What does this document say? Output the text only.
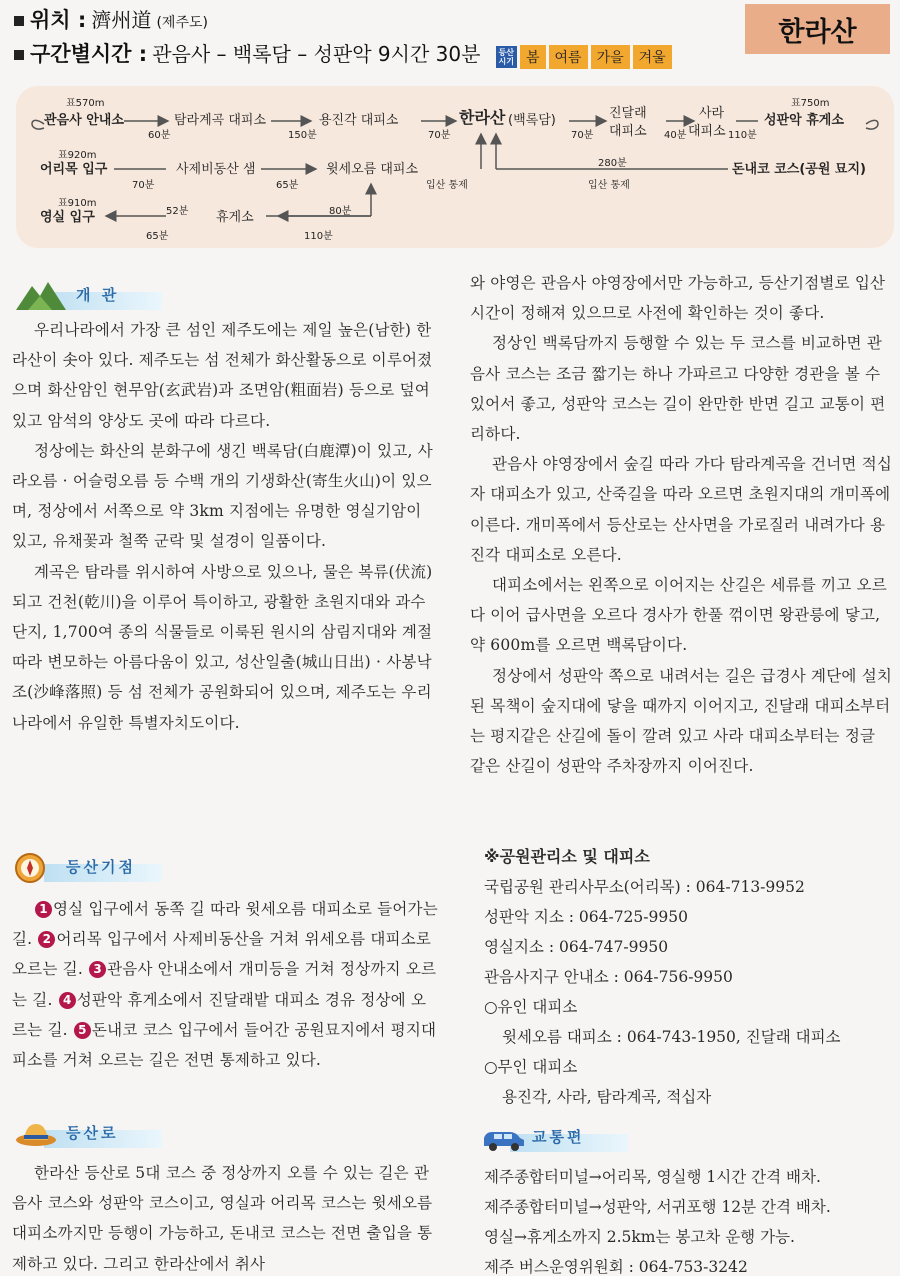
위치 : 濟州道 (제주도)
구간별시간 : 관음사 – 백록담 – 성판악 9시간 30분 등산
시기 봄 여름 가을 겨울
한라산
표570m
관음사 안내소	탐라계곡 대피소	용진각 대피소	한라산 (백록담)	진달래
대피소
사라
대피소
표750m
성판악 휴게소
표920m
어리목 입구	사제비동산 샘	윗세오름 대피소
입산 통제
돈내코 코스(공원 묘지)
입산 통제
표910m
영실 입구	휴게소
60분	150분	70분	70분	40분	110분
70분	65분
280분
52분
65분
80분
110분
개 관

우리나라에서 가장 큰 섬인 제주도에는 제일 높은(남한) 한라산이 솟아 있다. 제주도는 섬 전체가 화산활동으로 이루어졌으며 화산암인 현무암(玄武岩)과 조면암(粗面岩) 등으로 덮여 있고 암석의 양상도 곳에 따라 다르다.

정상에는 화산의 분화구에 생긴 백록담(白鹿潭)이 있고, 사라오름 · 어슬렁오름 등 수백 개의 기생화산(寄生火山)이 있으며, 정상에서 서쪽으로 약 3km 지점에는 유명한 영실기암이 있고, 유채꽃과 철쭉 군락 및 설경이 일품이다.

계곡은 탐라를 위시하여 사방으로 있으나, 물은 복류(伏流)되고 건천(乾川)을 이루어 특이하고, 광활한 초원지대와 과수단지, 1,700여 종의 식물들로 이룩된 원시의 삼림지대와 계절 따라 변모하는 아름다움이 있고, 성산일출(城山日出) · 사봉낙조(沙峰落照) 등 섬 전체가 공원화되어 있으며, 제주도는 우리나라에서 유일한 특별자치도이다.

등산기점

1 영실 입구에서 동쪽 길 따라 윗세오름 대피소로 들어가는 길. 2 어리목 입구에서 사제비동산을 거쳐 위세오름 대피소로 오르는 길. 3 관음사 안내소에서 개미등을 거쳐 정상까지 오르는 길. 4 성판악 휴게소에서 진달래밭 대피소 경유 정상에 오르는 길. 5 돈내코 코스 입구에서 들어간 공원묘지에서 평지대피소를 거쳐 오르는 길은 전면 통제하고 있다.

등산로

한라산 등산로 5대 코스 중 정상까지 오를 수 있는 길은 관음사 코스와 성판악 코스이고, 영실과 어리목 코스는 윗세오름 대피소까지만 등행이 가능하고, 돈내코 코스는 전면 출입을 통제하고 있다. 그리고 한라산에서 취사

와 야영은 관음사 야영장에서만 가능하고, 등산기점별로 입산시간이 정해져 있으므로 사전에 확인하는 것이 좋다.

정상인 백록담까지 등행할 수 있는 두 코스를 비교하면 관음사 코스는 조금 짧기는 하나 가파르고 다양한 경관을 볼 수 있어서 좋고, 성판악 코스는 길이 완만한 반면 길고 교통이 편리하다.

관음사 야영장에서 숲길 따라 가다 탐라계곡을 건너면 적십자 대피소가 있고, 산죽길을 따라 오르면 초원지대의 개미폭에 이른다. 개미폭에서 등산로는 산사면을 가로질러 내려가다 용진각 대피소로 오른다.

대피소에서는 왼쪽으로 이어지는 산길은 세류를 끼고 오르다 이어 급사면을 오르다 경사가 한풀 꺾이면 왕관릉에 닿고, 약 600m를 오르면 백록담이다.

정상에서 성판악 쪽으로 내려서는 길은 급경사 계단에 설치된 목책이 숲지대에 닿을 때까지 이어지고, 진달래 대피소부터는 평지같은 산길에 돌이 깔려 있고 사라 대피소부터는 정글 같은 산길이 성판악 주차장까지 이어진다.

※공원관리소 및 대피소
국립공원 관리사무소(어리목) : 064-713-9952
성판악 지소 : 064-725-9950
영실지소 : 064-747-9950
관음사지구 안내소 : 064-756-9950
○유인 대피소
윗세오름 대피소 : 064-743-1950, 진달래 대피소
○무인 대피소
용진각, 사라, 탐라계곡, 적십자
교통편
제주종합터미널→어리목, 영실행 1시간 간격 배차.
제주종합터미널→성판악, 서귀포행 12분 간격 배차.
영실→휴게소까지 2.5km는 봉고차 운행 가능.
제주 버스운영위원회 : 064-753-3242
